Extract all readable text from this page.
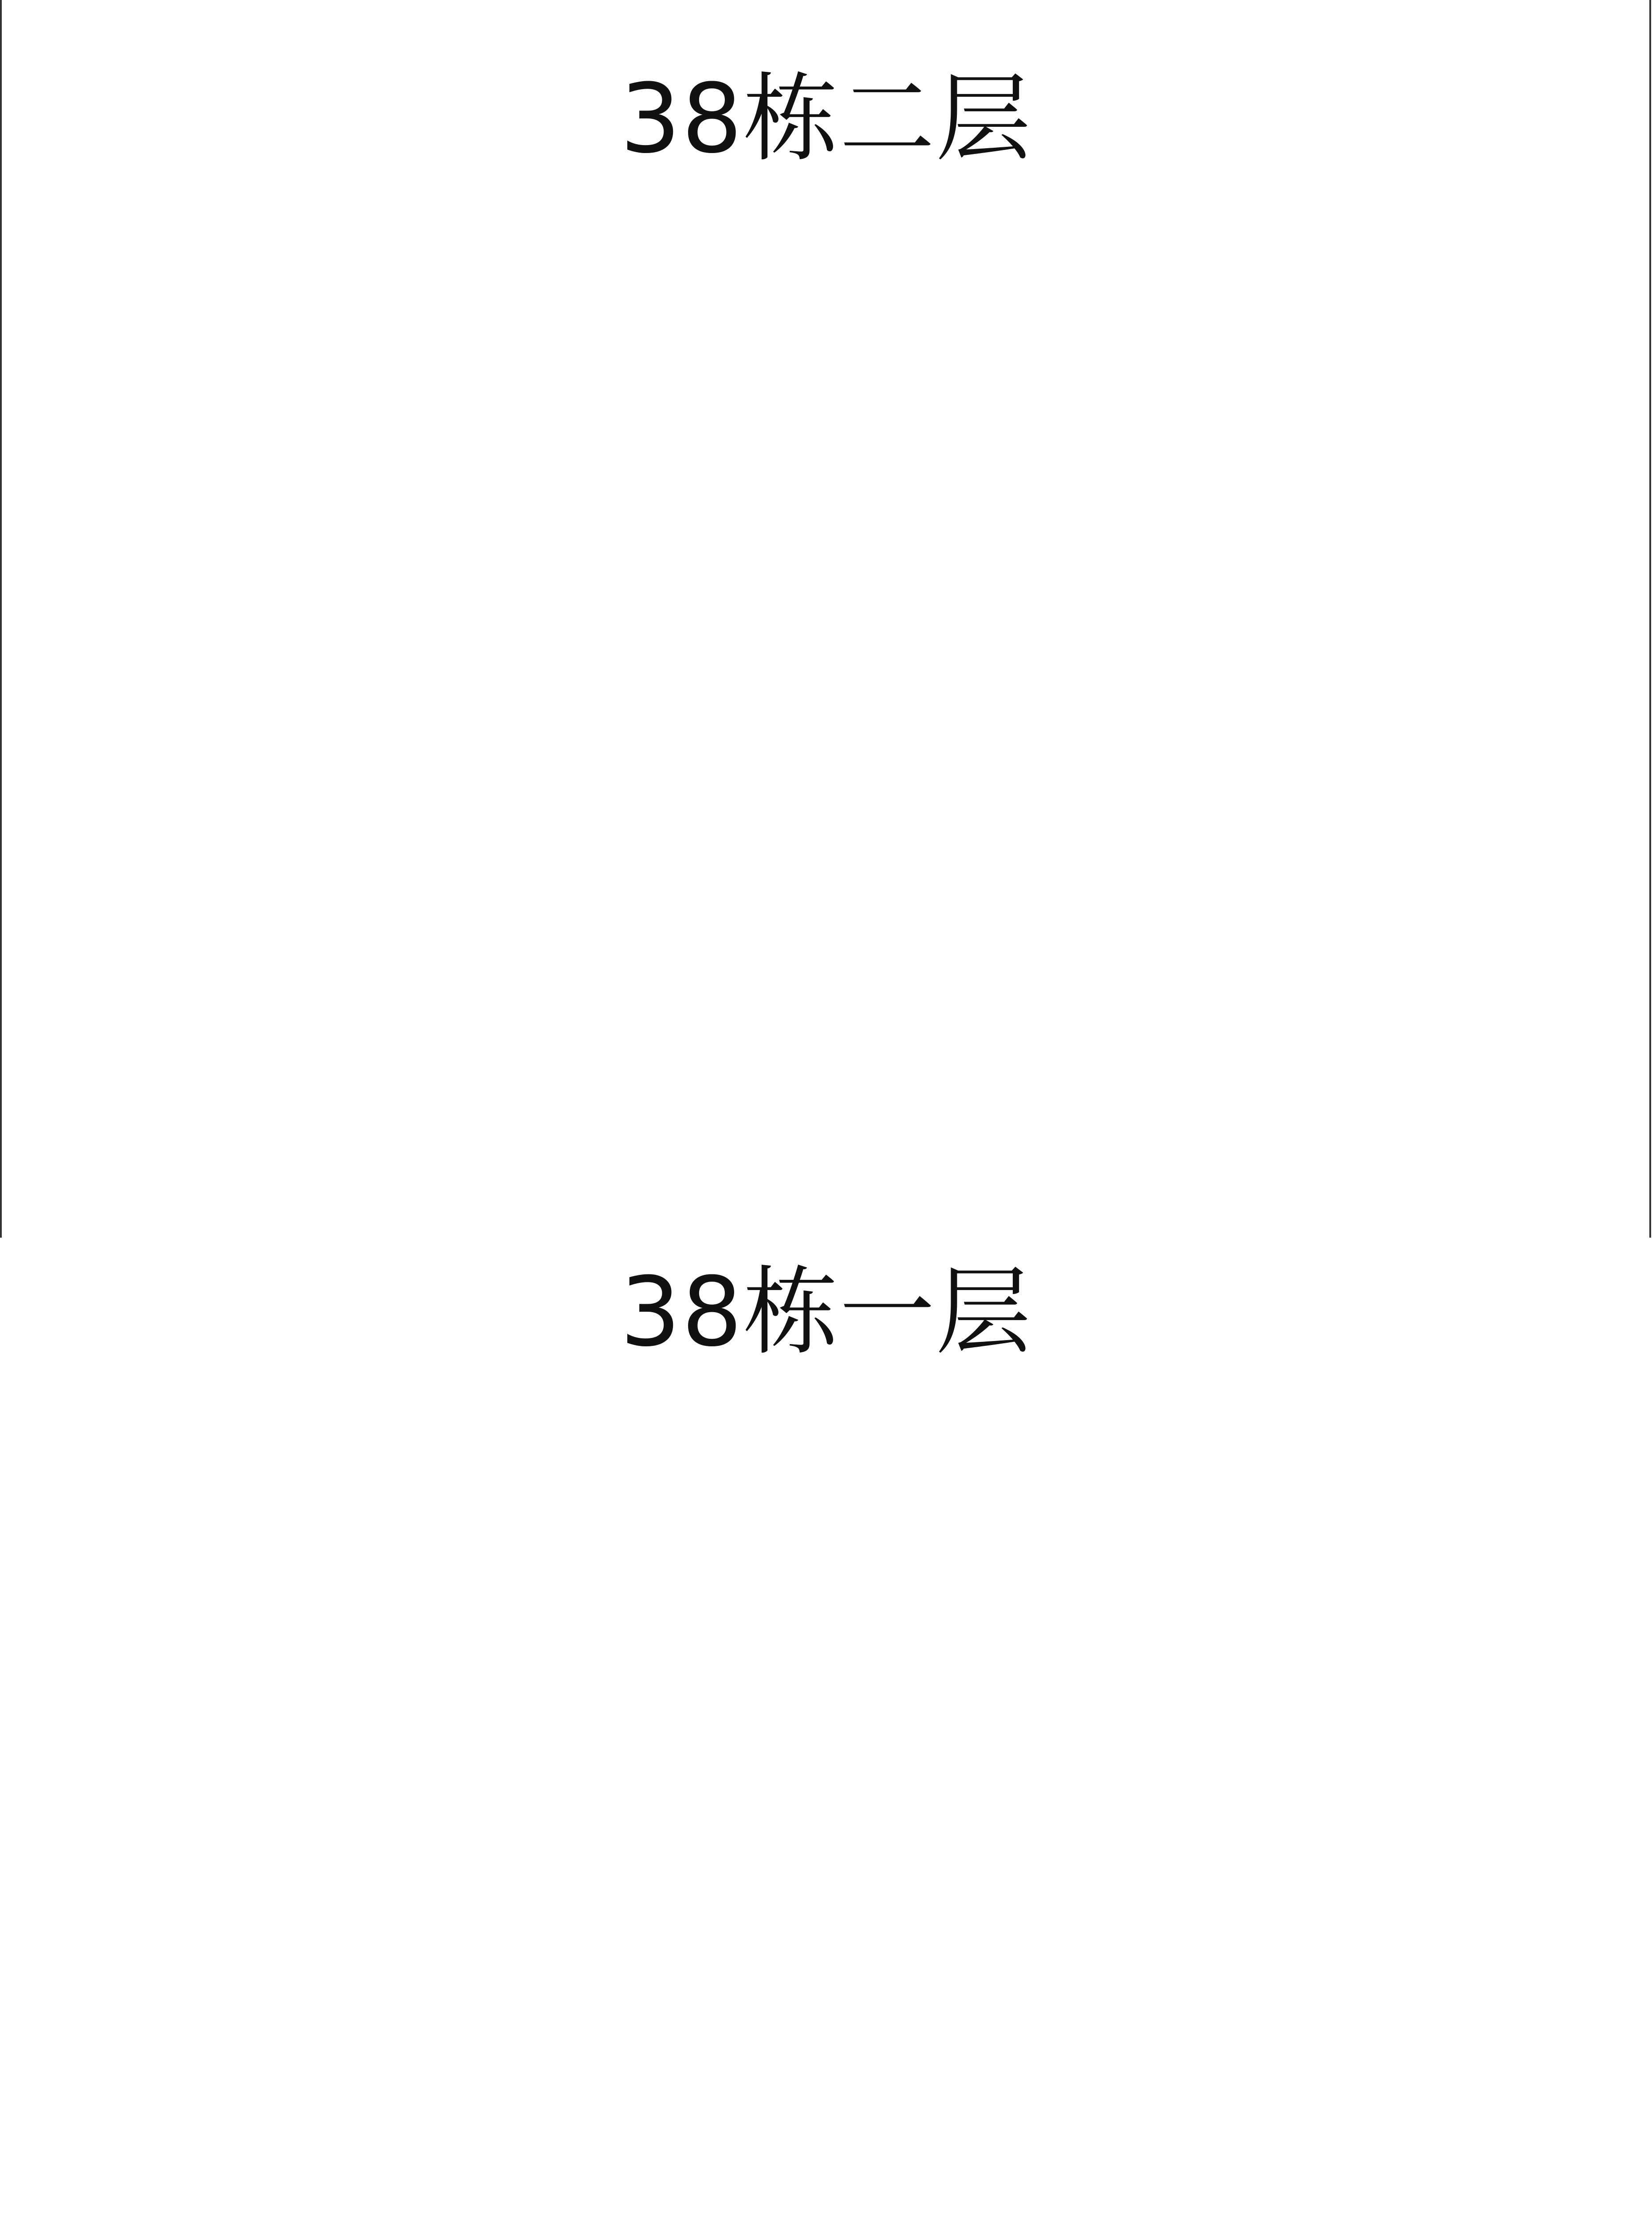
38栋二层
38栋一层
